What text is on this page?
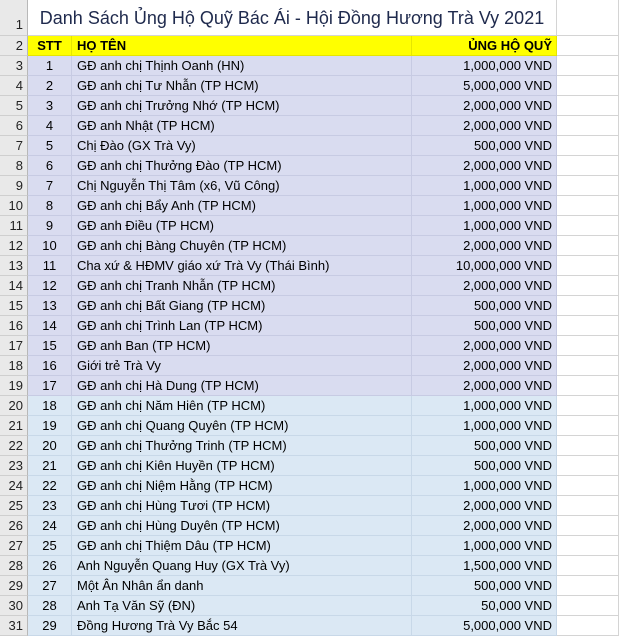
1 Danh Sách Ủng Hộ Quỹ Bác Ái - Hội Đồng Hương Trà Vy 2021
2	STT	HỌ TÊN	ỦNG HỘ QUỸ
3	1	GĐ anh chị Thịnh Oanh (HN)	1,000,000 VND
4	2	GĐ anh chị Tư Nhẫn (TP HCM)	5,000,000 VND
5	3	GĐ anh chị Trưởng Nhớ (TP HCM)	2,000,000 VND
6	4	GĐ anh Nhật (TP HCM)	2,000,000 VND
7	5	Chị Đào (GX Trà Vy)	500,000 VND
8	6	GĐ anh chị Thưởng Đào (TP HCM)	2,000,000 VND
9	7	Chị Nguyễn Thị Tâm (x6, Vũ Công)	1,000,000 VND
10	8	GĐ anh chị Bẩy Anh (TP HCM)	1,000,000 VND
11	9	GĐ anh Điều (TP HCM)	1,000,000 VND
12	10	GĐ anh chị Bàng Chuyên (TP HCM)	2,000,000 VND
13	11	Cha xứ & HĐMV giáo xứ Trà Vy (Thái Bình)	10,000,000 VND
14	12	GĐ anh chị Tranh Nhẫn (TP HCM)	2,000,000 VND
15	13	GĐ anh chị Bất Giang (TP HCM)	500,000 VND
16	14	GĐ anh chị Trình Lan (TP HCM)	500,000 VND
17	15	GĐ anh Ban (TP HCM)	2,000,000 VND
18	16	Giới trẻ Trà Vy	2,000,000 VND
19	17	GĐ anh chị Hà Dung (TP HCM)	2,000,000 VND
20	18	GĐ anh chị Năm Hiên (TP HCM)	1,000,000 VND
21	19	GĐ anh chị Quang Quyên (TP HCM)	1,000,000 VND
22	20	GĐ anh chị Thưởng Trinh (TP HCM)	500,000 VND
23	21	GĐ anh chị Kiên Huyền (TP HCM)	500,000 VND
24	22	GĐ anh chị Niệm Hằng (TP HCM)	1,000,000 VND
25	23	GĐ anh chị Hùng Tươi (TP HCM)	2,000,000 VND
26	24	GĐ anh chị Hùng Duyên (TP HCM)	2,000,000 VND
27	25	GĐ anh chị Thiệm Dâu (TP HCM)	1,000,000 VND
28	26	Anh Nguyễn Quang Huy (GX Trà Vy)	1,500,000 VND
29	27	Một Ân Nhân ẩn danh	500,000 VND
30	28	Anh Tạ Văn Sỹ (ĐN)	50,000 VND
31	29	Đồng Hương Trà Vy Bắc 54	5,000,000 VND
